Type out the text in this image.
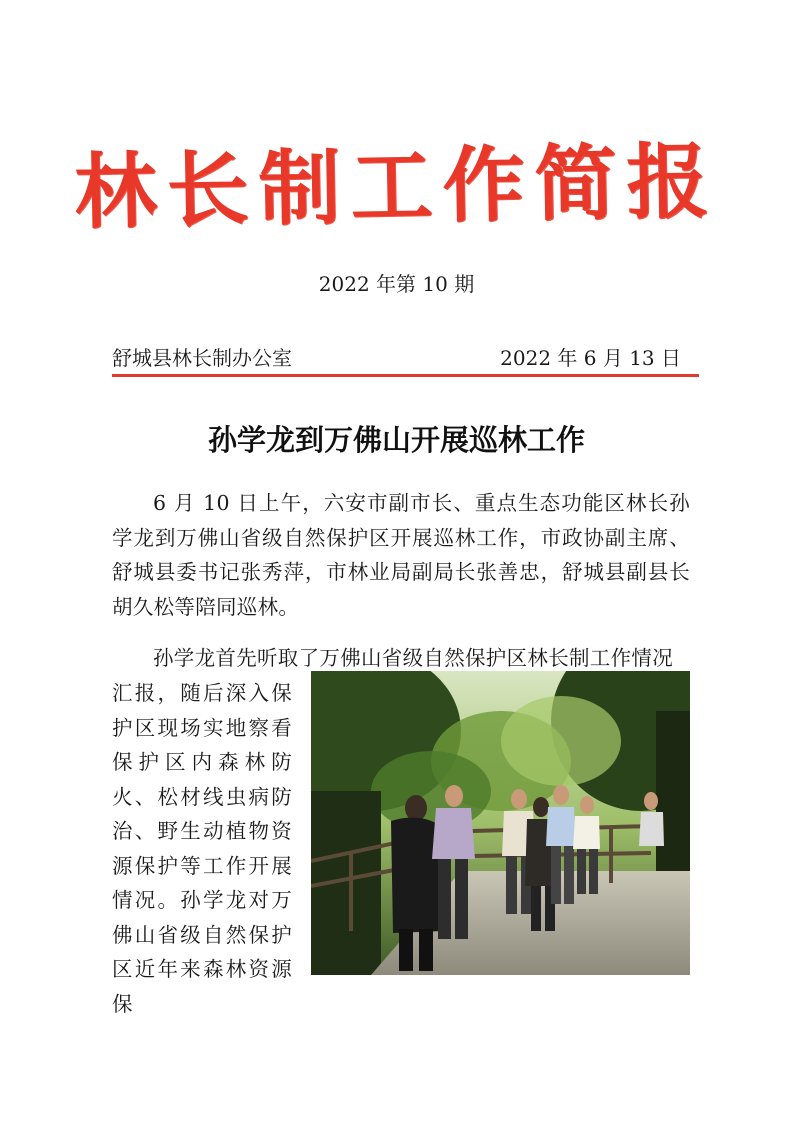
林长制工作简报
2022 年第 10 期
舒城县林长制办公室	2022 年 6 月 13 日
孙学龙到万佛山开展巡林工作
6 月 10 日上午，六安市副市长、重点生态功能区林长孙学龙到万佛山省级自然保护区开展巡林工作，市政协副主席、舒城县委书记张秀萍，市林业局副局长张善忠，舒城县副县长胡久松等陪同巡林。
孙学龙首先听取了万佛山省级自然保护区林长制工作情况
汇报，随后深入保护区现场实地察看保护区内森林防火、松材线虫病防治、野生动植物资源保护等工作开展情况。孙学龙对万佛山省级自然保护区近年来森林资源保
